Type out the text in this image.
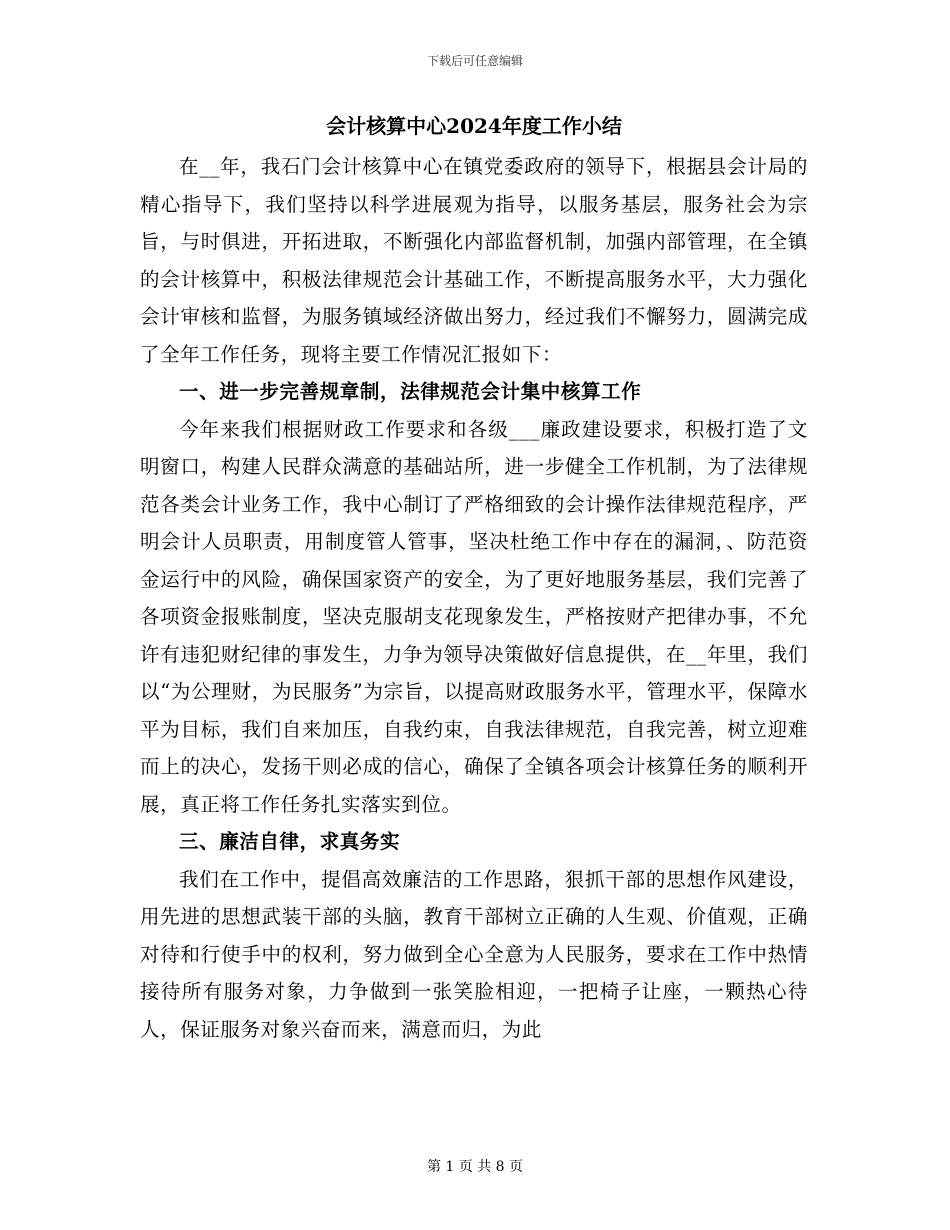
下载后可任意编辑
会计核算中心2024年度工作小结

在__年，我石门会计核算中心在镇党委政府的领导下，根据县会计局的精心指导下，我们坚持以科学进展观为指导，以服务基层，服务社会为宗旨，与时俱进，开拓进取，不断强化内部监督机制，加强内部管理，在全镇的会计核算中，积极法律规范会计基础工作，不断提高服务水平，大力强化会计审核和监督，为服务镇域经济做出努力，经过我们不懈努力，圆满完成了全年工作任务，现将主要工作情况汇报如下：

一、进一步完善规章制，法律规范会计集中核算工作

今年来我们根据财政工作要求和各级___廉政建设要求，积极打造了文明窗口，构建人民群众满意的基础站所，进一步健全工作机制，为了法律规范各类会计业务工作，我中心制订了严格细致的会计操作法律规范程序，严明会计人员职责，用制度管人管事，坚决杜绝工作中存在的漏洞，、防范资金运行中的风险，确保国家资产的安全，为了更好地服务基层，我们完善了各项资金报账制度，坚决克服胡支花现象发生，严格按财产把律办事，不允许有违犯财纪律的事发生，力争为领导决策做好信息提供，在__年里，我们以“为公理财，为民服务”为宗旨，以提高财政服务水平，管理水平，保障水平为目标，我们自来加压，自我约束，自我法律规范，自我完善，树立迎难而上的决心，发扬干则必成的信心，确保了全镇各项会计核算任务的顺利开展，真正将工作任务扎实落实到位。

三、廉洁自律，求真务实

我们在工作中，提倡高效廉洁的工作思路，狠抓干部的思想作风建设，用先进的思想武装干部的头脑，教育干部树立正确的人生观、价值观，正确对待和行使手中的权利，努力做到全心全意为人民服务，要求在工作中热情接待所有服务对象，力争做到一张笑脸相迎，一把椅子让座，一颗热心待人，保证服务对象兴奋而来，满意而归，为此

第 1 页 共 8 页
